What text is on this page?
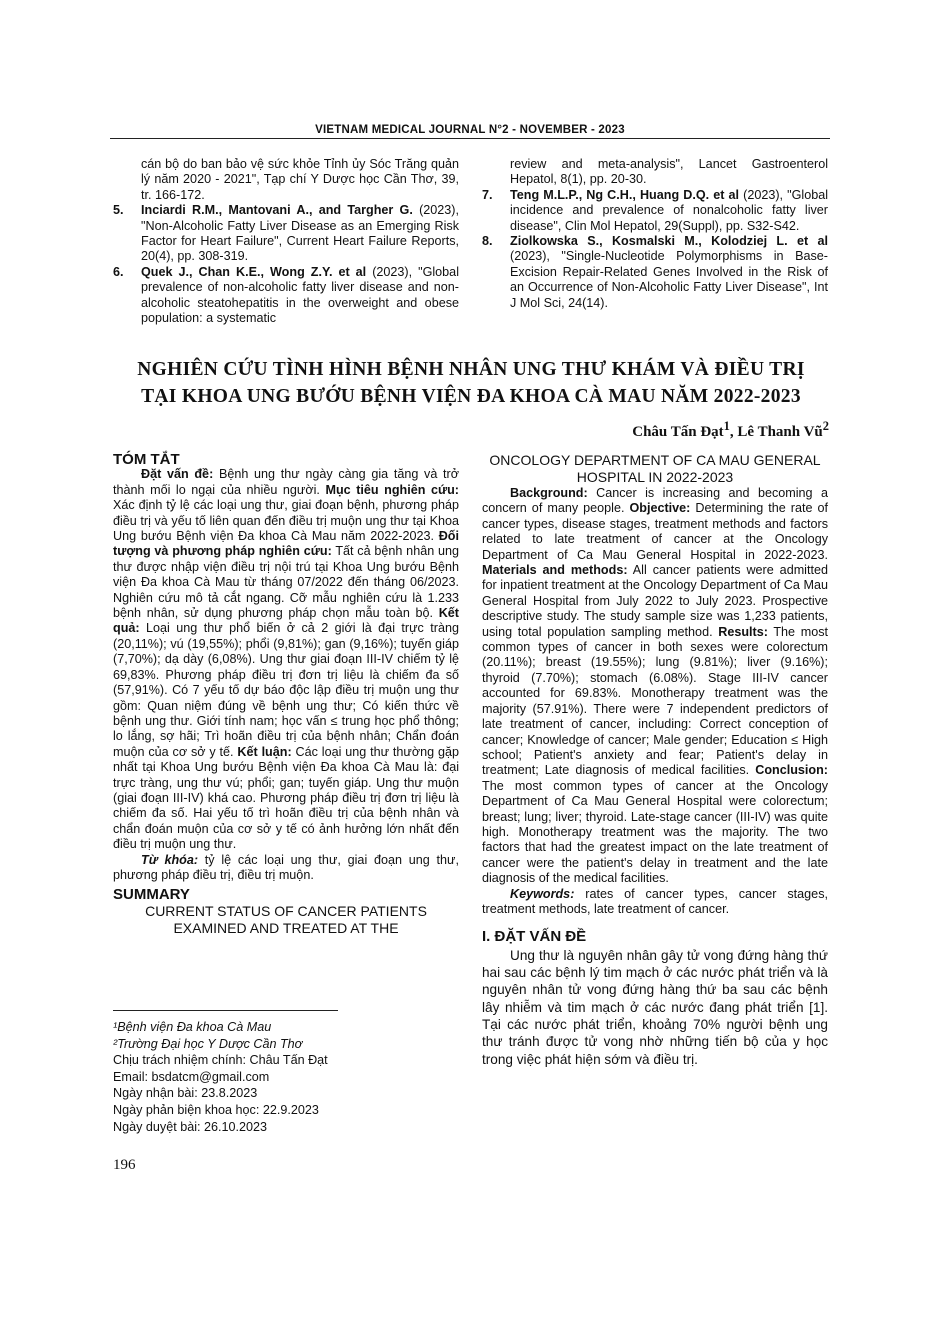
VIETNAM MEDICAL JOURNAL N°2 - NOVEMBER - 2023
cán bộ do ban bảo vệ sức khỏe Tỉnh ủy Sóc Trăng quản lý năm 2020 - 2021", Tạp chí Y Dược học Cần Thơ, 39, tr. 166-172.
5.	Inciardi R.M., Mantovani A., and Targher G. (2023), "Non-Alcoholic Fatty Liver Disease as an Emerging Risk Factor for Heart Failure", Current Heart Failure Reports, 20(4), pp. 308-319.
6.	Quek J., Chan K.E., Wong Z.Y. et al (2023), "Global prevalence of non-alcoholic fatty liver disease and non-alcoholic steatohepatitis in the overweight and obese population: a systematic
review and meta-analysis", Lancet Gastroenterol Hepatol, 8(1), pp. 20-30.
7.	Teng M.L.P., Ng C.H., Huang D.Q. et al (2023), "Global incidence and prevalence of nonalcoholic fatty liver disease", Clin Mol Hepatol, 29(Suppl), pp. S32-S42.
8.	Ziolkowska S., Kosmalski M., Kolodziej L. et al (2023), "Single-Nucleotide Polymorphisms in Base-Excision Repair-Related Genes Involved in the Risk of an Occurrence of Non-Alcoholic Fatty Liver Disease", Int J Mol Sci, 24(14).
NGHIÊN CỨU TÌNH HÌNH BỆNH NHÂN UNG THƯ KHÁM VÀ ĐIỀU TRỊ
TẠI KHOA UNG BƯỚU BỆNH VIỆN ĐA KHOA CÀ MAU NĂM 2022-2023
Châu Tấn Đạt$^1$, Lê Thanh $Vũ^2$
TÓM TẮT
Đặt vấn đề: Bệnh ung thư ngày càng gia tăng và trở thành mối lo ngại của nhiều người. Mục tiêu nghiên cứu: Xác định tỷ lệ các loại ung thư, giai đoạn bệnh, phương pháp điều trị và yếu tố liên quan đến điều trị muộn ung thư tại Khoa Ung bướu Bệnh viện Đa khoa Cà Mau năm 2022-2023. Đối tượng và phương pháp nghiên cứu: Tất cả bệnh nhân ung thư được nhập viện điều trị nội trú tại Khoa Ung bướu Bệnh viện Đa khoa Cà Mau từ tháng 07/2022 đến tháng 06/2023. Nghiên cứu mô tả cắt ngang. Cỡ mẫu nghiên cứu là 1.233 bệnh nhân, sử dụng phương pháp chọn mẫu toàn bộ. Kết quả: Loại ung thư phổ biến ở cả 2 giới là đại trực tràng (20,11%); vú (19,55%); phổi (9,81%); gan (9,16%); tuyến giáp (7,70%); dạ dày (6,08%). Ung thư giai đoạn III-IV chiếm tỷ lệ 69,83%. Phương pháp điều trị đơn trị liệu là chiếm đa số (57,91%). Có 7 yếu tố dự báo độc lập điều trị muộn ung thư gồm: Quan niệm đúng về bệnh ung thư; Có kiến thức về bệnh ung thư. Giới tính nam; học vấn ≤ trung học phổ thông; lo lắng, sợ hãi; Trì hoãn điều trị của bệnh nhân; Chẩn đoán muộn của cơ sở y tế. Kết luận: Các loại ung thư thường gặp nhất tại Khoa Ung bướu Bệnh viện Đa khoa Cà Mau là: đại trực tràng, ung thư vú; phổi; gan; tuyến giáp. Ung thư muộn (giai đoạn III-IV) khá cao. Phương pháp điều trị đơn trị liệu là chiếm đa số. Hai yếu tố trì hoãn điều trị của bệnh nhân và chẩn đoán muộn của cơ sở y tế có ảnh hưởng lớn nhất đến điều trị muộn ung thư.
Từ khóa: tỷ lệ các loại ung thư, giai đoạn ung thư, phương pháp điều trị, điều trị muộn.
SUMMARY
CURRENT STATUS OF CANCER PATIENTS EXAMINED AND TREATED AT THE
ONCOLOGY DEPARTMENT OF CA MAU GENERAL HOSPITAL IN 2022-2023
Background: Cancer is increasing and becoming a concern of many people. Objective: Determining the rate of cancer types, disease stages, treatment methods and factors related to late treatment of cancer at the Oncology Department of Ca Mau General Hospital in 2022-2023. Materials and methods: All cancer patients were admitted for inpatient treatment at the Oncology Department of Ca Mau General Hospital from July 2022 to July 2023. Prospective descriptive study. The study sample size was 1,233 patients, using total population sampling method. Results: The most common types of cancer in both sexes were colorectum (20.11%); breast (19.55%); lung (9.81%); liver (9.16%); thyroid (7.70%); stomach (6.08%). Stage III-IV cancer accounted for 69.83%. Monotherapy treatment was the majority (57.91%). There were 7 independent predictors of late treatment of cancer, including: Correct conception of cancer; Knowledge of cancer; Male gender; Education ≤ High school; Patient's anxiety and fear; Patient's delay in treatment; Late diagnosis of medical facilities. Conclusion: The most common types of cancer at the Oncology Department of Ca Mau General Hospital were colorectum; breast; lung; liver; thyroid. Late-stage cancer (III-IV) was quite high. Monotherapy treatment was the majority. The two factors that had the greatest impact on the late treatment of cancer were the patient's delay in treatment and the late diagnosis of the medical facilities.
Keywords: rates of cancer types, cancer stages, treatment methods, late treatment of cancer.
I. ĐẶT VẤN ĐỀ
Ung thư là nguyên nhân gây tử vong đứng hàng thứ hai sau các bệnh lý tim mạch ở các nước phát triển và là nguyên nhân tử vong đứng hàng thứ ba sau các bệnh lây nhiễm và tim mạch ở các nước đang phát triển [1]. Tại các nước phát triển, khoảng 70% người bệnh ung thư tránh được tử vong nhờ những tiến bộ của y học trong việc phát hiện sớm và điều trị.
¹Bệnh viện Đa khoa Cà Mau
²Trường Đại học Y Dược Cần Thơ
Chịu trách nhiệm chính: Châu Tấn Đạt
Email: bsdatcm@gmail.com
Ngày nhận bài: 23.8.2023
Ngày phản biện khoa học: 22.9.2023
Ngày duyệt bài: 26.10.2023
196
